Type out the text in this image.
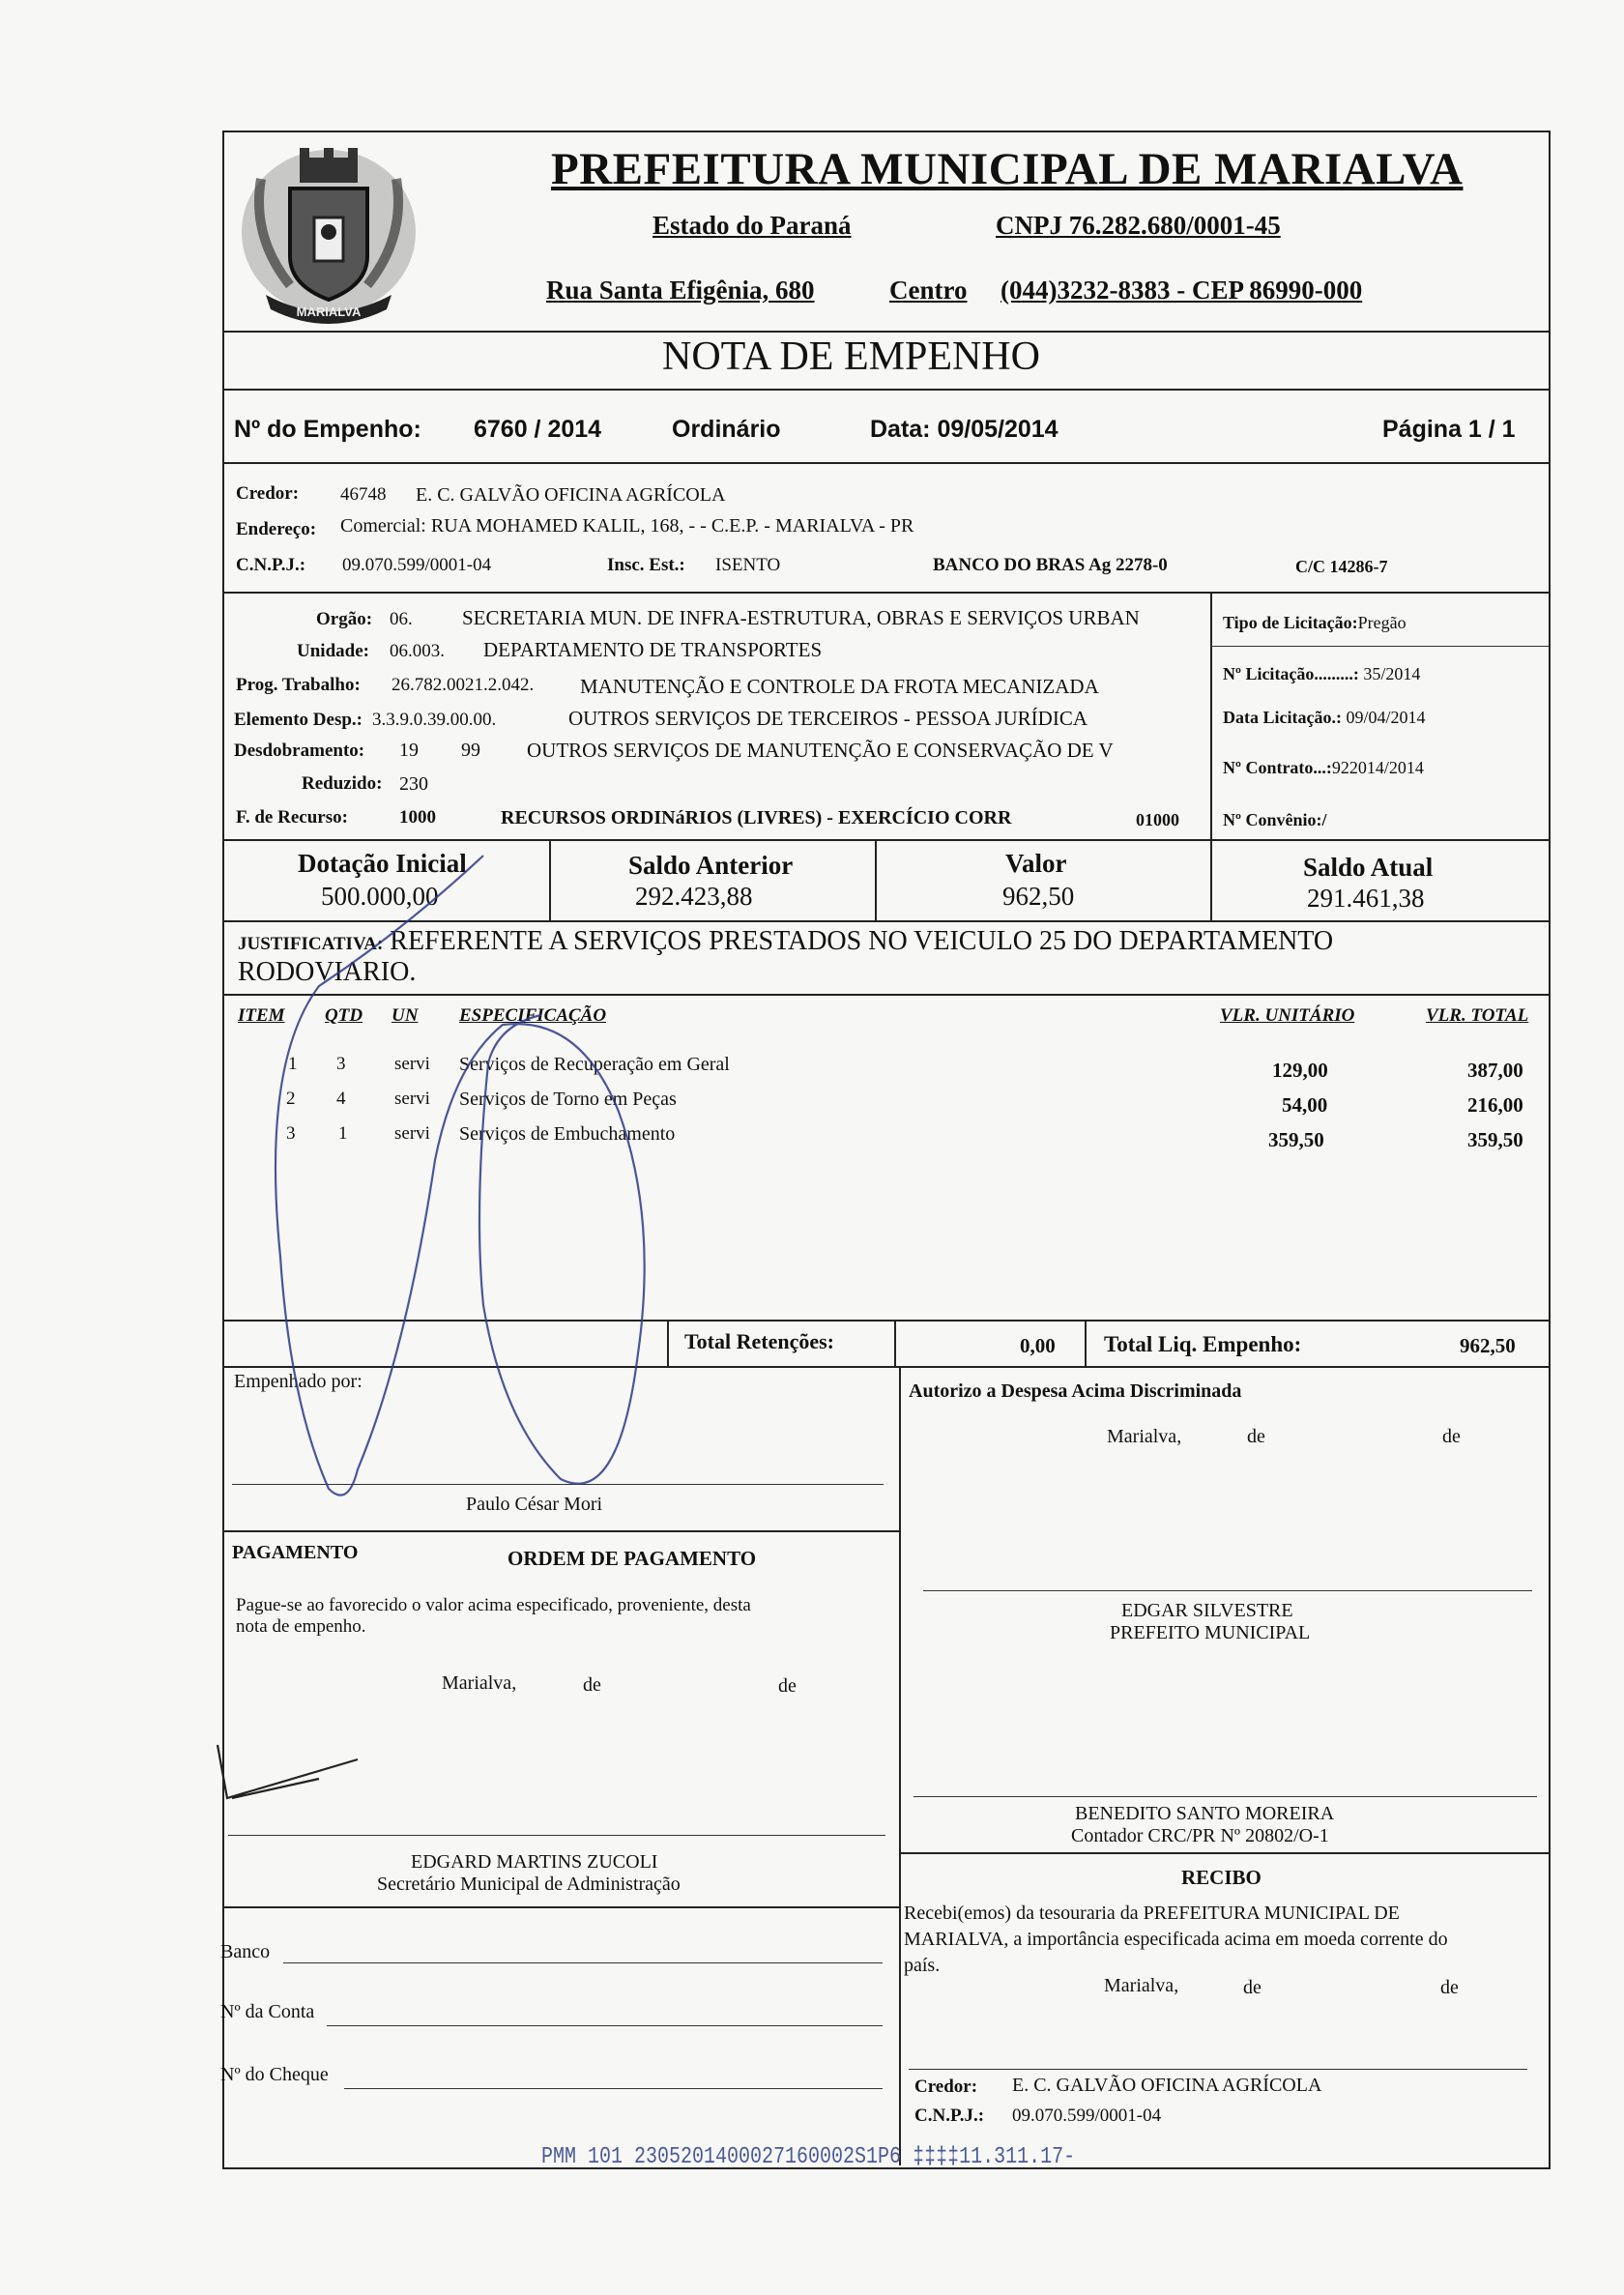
MARIALVA
PREFEITURA MUNICIPAL DE MARIALVA
Estado do Paraná	CNPJ 76.282.680/0001-45
Rua Santa Efigênia, 680	Centro (044)3232-8383 - CEP 86990-000
NOTA DE EMPENHO
Nº do Empenho: 6760 / 2014	Ordinário	Data: 09/05/2014	Página 1 / 1
Credor: 46748 E. C. GALVÃO OFICINA AGRÍCOLA
Endereço: Comercial: RUA MOHAMED KALIL, 168, - - C.E.P. - MARIALVA - PR
C.N.P.J.: 09.070.599/0001-04	Insc. Est.: ISENTO	BANCO DO BRAS Ag 2278-0	C/C 14286-7
Orgão: 06. SECRETARIA MUN. DE INFRA-ESTRUTURA, OBRAS E SERVIÇOS URBAN
Unidade: 06.003. DEPARTAMENTO DE TRANSPORTES
Prog. Trabalho: 26.782.0021.2.042. MANUTENÇÃO E CONTROLE DA FROTA MECANIZADA
Elemento Desp.: 3.3.9.0.39.00.00.	OUTROS SERVIÇOS DE TERCEIROS - PESSOA JURÍDICA
Desdobramento: 19 99 OUTROS SERVIÇOS DE MANUTENÇÃO E CONSERVAÇÃO DE V
Reduzido: 230
F. de Recurso:	1000	RECURSOS ORDINáRIOS (LIVRES) - EXERCÍCIO CORR	01000
Tipo de Licitação:Pregão
Nº Licitação.........: 35/2014
Data Licitação.: 09/04/2014
Nº Contrato...:922014/2014
Nº Convênio:/
Dotação Inicial
500.000,00
Saldo Anterior
292.423,88
Valor
962,50
Saldo Atual
291.461,38
JUSTIFICATIVA: REFERENTE A SERVIÇOS PRESTADOS NO VEICULO 25 DO DEPARTAMENTO
RODOVIARIO.
ITEM QTD UN ESPECIFICAÇÃO	VLR. UNITÁRIO	VLR. TOTAL
1 3	servi Serviços de Recuperação em Geral	129,00	387,00
2 4	servi Serviços de Torno em Peças	54,00	216,00
3 1	servi Serviços de Embuchamento	359,50	359,50
Total Retenções:	0,00 Total Liq. Empenho:	962,50
Empenhado por:
Paulo César Mori
Autorizo a Despesa Acima Discriminada
Marialva,	de	de
PAGAMENTO	ORDEM DE PAGAMENTO
Pague-se ao favorecido o valor acima especificado, proveniente, desta
nota de empenho.
Marialva,	de	de
EDGARD MARTINS ZUCOLI
Secretário Municipal de Administração
EDGAR SILVESTRE
PREFEITO MUNICIPAL
BENEDITO SANTO MOREIRA
Contador CRC/PR Nº 20802/O-1
RECIBO
Recebi(emos) da tesouraria da PREFEITURA MUNICIPAL DE
MARIALVA, a importância especificada acima em moeda corrente do
país.
Marialva,	de	de
Banco
Nº da Conta
Nº do Cheque
Credor: E. C. GALVÃO OFICINA AGRÍCOLA
C.N.P.J.: 09.070.599/0001-04
PMM 101 2305201400027160002S1P6 ‡‡‡‡11.311.17-
